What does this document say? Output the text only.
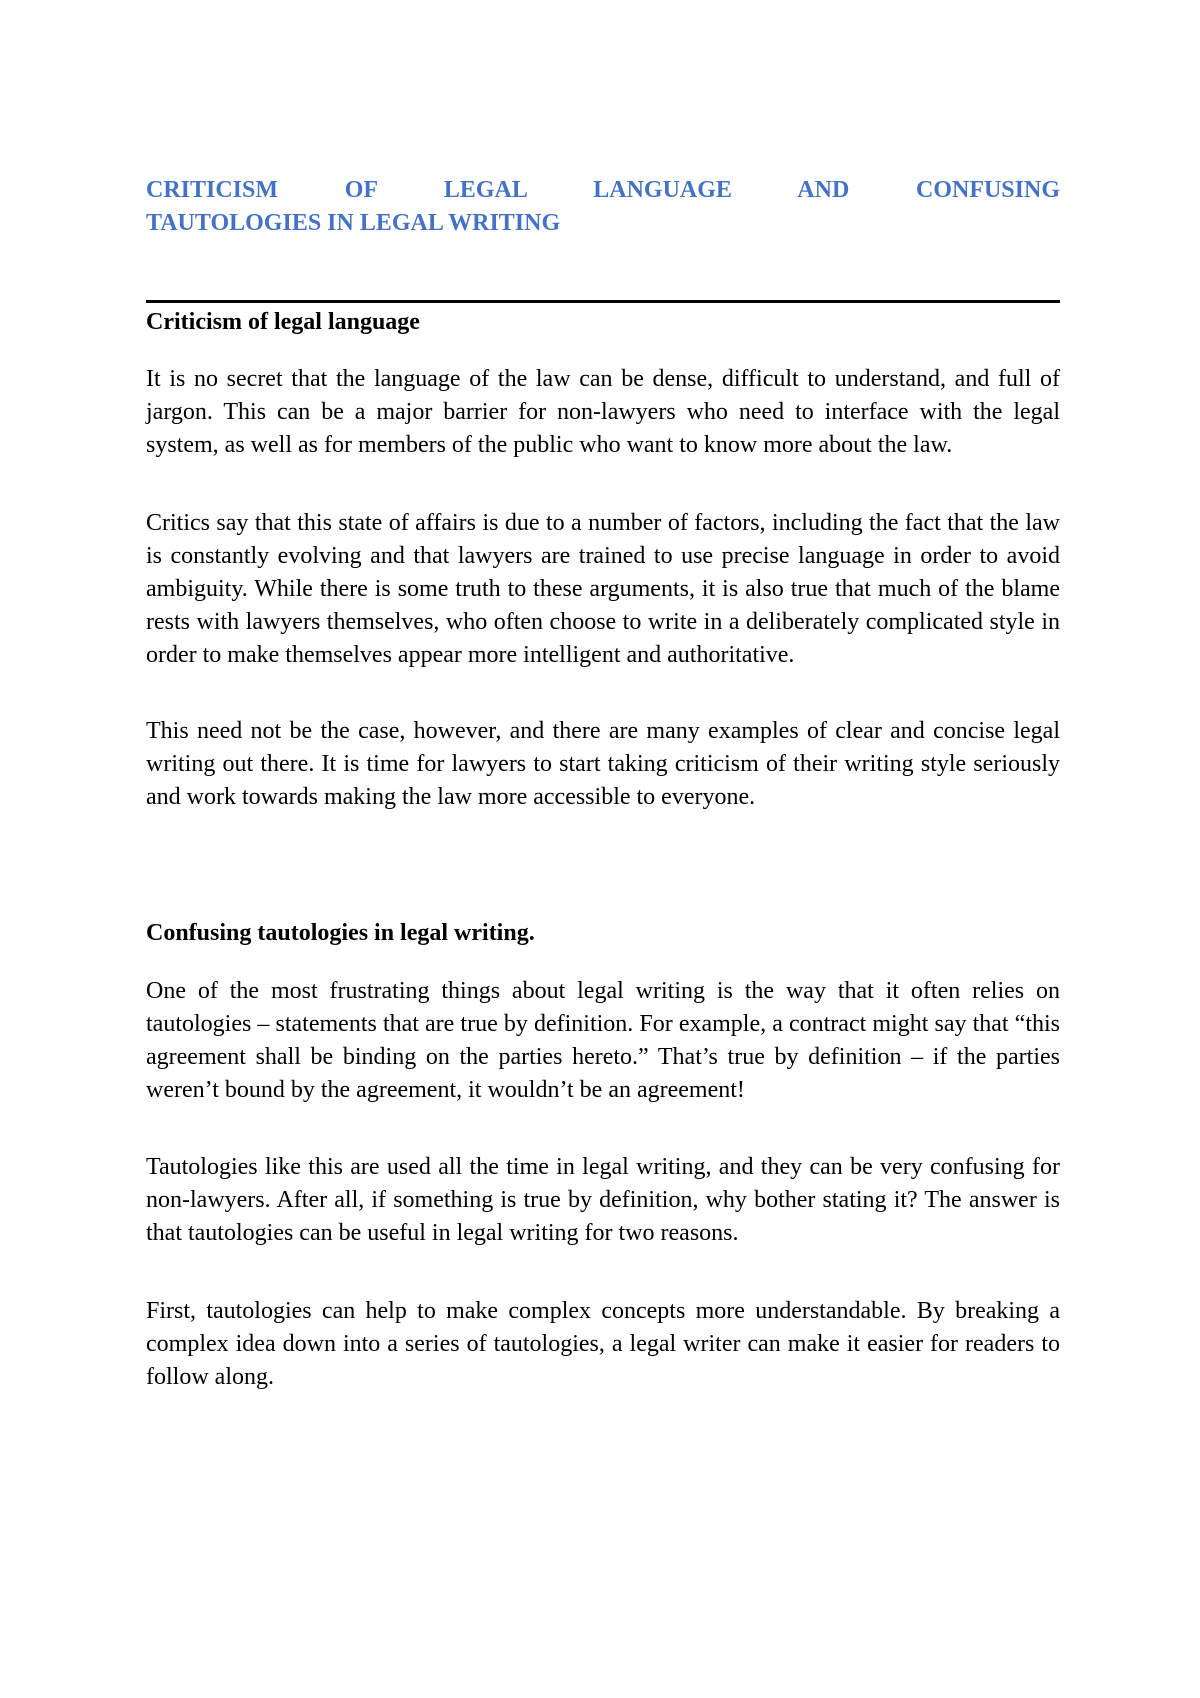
CRITICISM OF LEGAL LANGUAGE AND CONFUSING
TAUTOLOGIES IN LEGAL WRITING
Criticism of legal language

It is no secret that the language of the law can be dense, difficult to understand, and full of jargon. This can be a major barrier for non-lawyers who need to interface with the legal system, as well as for members of the public who want to know more about the law.

Critics say that this state of affairs is due to a number of factors, including the fact that the law is constantly evolving and that lawyers are trained to use precise language in order to avoid ambiguity. While there is some truth to these arguments, it is also true that much of the blame rests with lawyers themselves, who often choose to write in a deliberately complicated style in order to make themselves appear more intelligent and authoritative.

This need not be the case, however, and there are many examples of clear and concise legal writing out there. It is time for lawyers to start taking criticism of their writing style seriously and work towards making the law more accessible to everyone.

Confusing tautologies in legal writing.

One of the most frustrating things about legal writing is the way that it often relies on tautologies – statements that are true by definition. For example, a contract might say that “this agreement shall be binding on the parties hereto.” That’s true by definition – if the parties weren’t bound by the agreement, it wouldn’t be an agreement!

Tautologies like this are used all the time in legal writing, and they can be very confusing for non-lawyers. After all, if something is true by definition, why bother stating it? The answer is that tautologies can be useful in legal writing for two reasons.

First, tautologies can help to make complex concepts more understandable. By breaking a complex idea down into a series of tautologies, a legal writer can make it easier for readers to follow along.
